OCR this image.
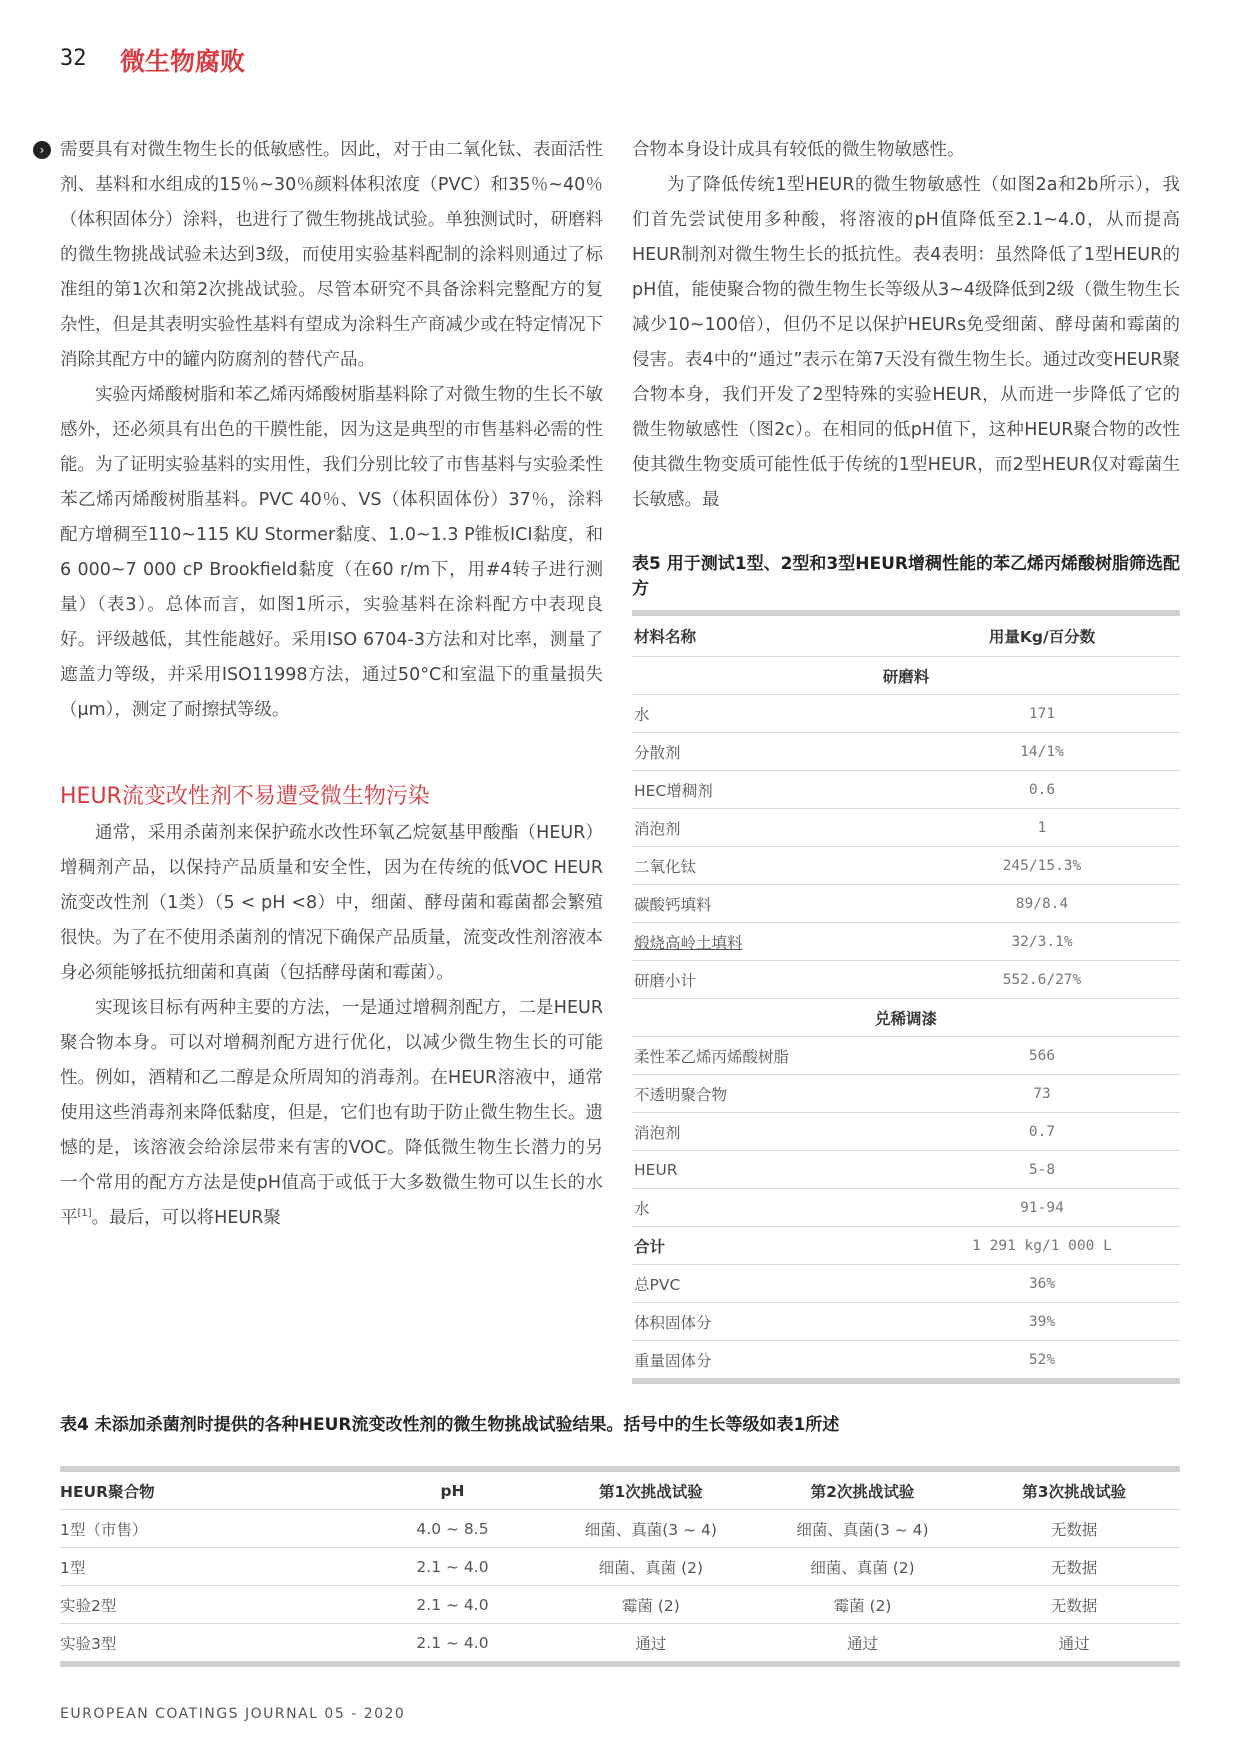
32 微生物腐败
› 需要具有对微生物生长的低敏感性。因此，对于由二氧化钛、表面活性剂、基料和水组成的15％~30％颜料体积浓度（PVC）和35％~40％（体积固体分）涂料，也进行了微生物挑战试验。单独测试时，研磨料的微生物挑战试验未达到3级，而使用实验基料配制的涂料则通过了标准组的第1次和第2次挑战试验。尽管本研究不具备涂料完整配方的复杂性，但是其表明实验性基料有望成为涂料生产商减少或在特定情况下消除其配方中的罐内防腐剂的替代产品。

实验丙烯酸树脂和苯乙烯丙烯酸树脂基料除了对微生物的生长不敏感外，还必须具有出色的干膜性能，因为这是典型的市售基料必需的性能。为了证明实验基料的实用性，我们分别比较了市售基料与实验柔性苯乙烯丙烯酸树脂基料。PVC 40％、VS（体积固体份）37％，涂料配方增稠至110~115 KU Stormer黏度、1.0~1.3 P锥板ICI黏度，和6 000~7 000 cP Brookfield黏度（在60 r/m下，用#4转子进行测量）（表3）。总体而言，如图1所示，实验基料在涂料配方中表现良好。评级越低，其性能越好。采用ISO 6704-3方法和对比率，测量了遮盖力等级，并采用ISO11998方法，通过50°C和室温下的重量损失（μm），测定了耐擦拭等级。

HEUR流变改性剂不易遭受微生物污染

通常，采用杀菌剂来保护疏水改性环氧乙烷氨基甲酸酯（HEUR）增稠剂产品，以保持产品质量和安全性，因为在传统的低VOC HEUR流变改性剂（1类）（5 < pH <8）中，细菌、酵母菌和霉菌都会繁殖很快。为了在不使用杀菌剂的情况下确保产品质量，流变改性剂溶液本身必须能够抵抗细菌和真菌（包括酵母菌和霉菌）。

实现该目标有两种主要的方法，一是通过增稠剂配方，二是HEUR聚合物本身。可以对增稠剂配方进行优化，以减少微生物生长的可能性。例如，酒精和乙二醇是众所周知的消毒剂。在HEUR溶液中，通常使用这些消毒剂来降低黏度，但是，它们也有助于防止微生物生长。遗憾的是，该溶液会给涂层带来有害的VOC。降低微生物生长潜力的另一个常用的配方方法是使pH值高于或低于大多数微生物可以生长的水平[1]。最后，可以将HEUR聚

合物本身设计成具有较低的微生物敏感性。

为了降低传统1型HEUR的微生物敏感性（如图2a和2b所示），我们首先尝试使用多种酸，将溶液的pH值降低至2.1~4.0，从而提高HEUR制剂对微生物生长的抵抗性。表4表明：虽然降低了1型HEUR的pH值，能使聚合物的微生物生长等级从3~4级降低到2级（微生物生长减少10~100倍），但仍不足以保护HEURs免受细菌、酵母菌和霉菌的侵害。表4中的“通过”表示在第7天没有微生物生长。通过改变HEUR聚合物本身，我们开发了2型特殊的实验HEUR，从而进一步降低了它的微生物敏感性（图2c）。在相同的低pH值下，这种HEUR聚合物的改性使其微生物变质可能性低于传统的1型HEUR，而2型HEUR仅对霉菌生长敏感。最

表5 用于测试1型、2型和3型HEUR增稠性能的苯乙烯丙烯酸树脂筛选配方
材料名称	用量Kg/百分数
研磨料
水	171
分散剂	14/1%
HEC增稠剂	0.6
消泡剂	1
二氧化钛	245/15.3%
碳酸钙填料	89/8.4
煅烧高岭土填料	32/3.1%
研磨小计	552.6/27%
兑稀调漆
柔性苯乙烯丙烯酸树脂	566
不透明聚合物	73
消泡剂	0.7
HEUR	5-8
水	91-94
合计	1 291 kg/1 000 L
总PVC	36%
体积固体分	39%
重量固体分	52%
表4 未添加杀菌剂时提供的各种HEUR流变改性剂的微生物挑战试验结果。括号中的生长等级如表1所述
HEUR聚合物	pH	第1次挑战试验	第2次挑战试验	第3次挑战试验
1型（市售）	4.0 ~ 8.5	细菌、真菌(3 ~ 4)	细菌、真菌(3 ~ 4)	无数据
1型	2.1 ~ 4.0	细菌、真菌 (2)	细菌、真菌 (2)	无数据
实验2型	2.1 ~ 4.0	霉菌 (2)	霉菌 (2)	无数据
实验3型	2.1 ~ 4.0	通过	通过	通过
EUROPEAN COATINGS JOURNAL 05 - 2020
